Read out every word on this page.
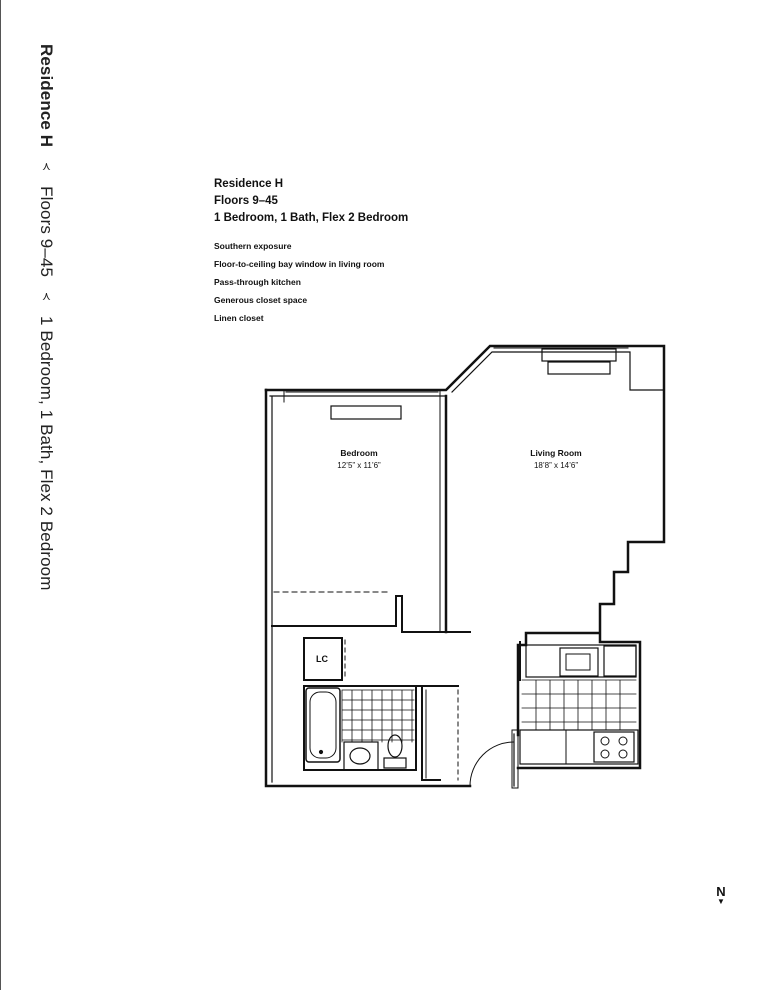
Residence H ≺ Floors 9–45 ≺ 1 Bedroom, 1 Bath, Flex 2 Bedroom
Residence H
Floors 9–45
1 Bedroom, 1 Bath, Flex 2 Bedroom
Southern exposure
Floor-to-ceiling bay window in living room
Pass-through kitchen
Generous closet space
Linen closet
Bedroom
12’5” x 11’6”
Living Room
18’8” x 14’6”
LC
N
▼
